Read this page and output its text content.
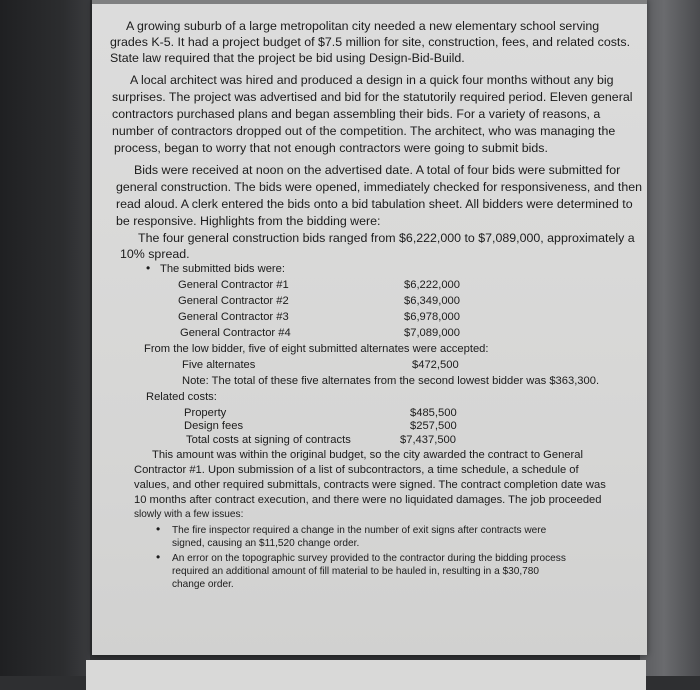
A growing suburb of a large metropolitan city needed a new elementary school serving
grades K-5. It had a project budget of $7.5 million for site, construction, fees, and related costs.
State law required that the project be bid using Design-Bid-Build.
A local architect was hired and produced a design in a quick four months without any big
surprises. The project was advertised and bid for the statutorily required period. Eleven general
contractors purchased plans and began assembling their bids. For a variety of reasons, a
number of contractors dropped out of the competition. The architect, who was managing the
process, began to worry that not enough contractors were going to submit bids.
Bids were received at noon on the advertised date. A total of four bids were submitted for
general construction. The bids were opened, immediately checked for responsiveness, and then
read aloud. A clerk entered the bids onto a bid tabulation sheet. All bidders were determined to
be responsive. Highlights from the bidding were:
The four general construction bids ranged from $6,222,000 to $7,089,000, approximately a
10% spread.
• The submitted bids were:
General Contractor #1	$6,222,000
General Contractor #2	$6,349,000
General Contractor #3	$6,978,000
General Contractor #4	$7,089,000
From the low bidder, five of eight submitted alternates were accepted:
Five alternates	$472,500
Note: The total of these five alternates from the second lowest bidder was $363,300.
Related costs:
Property	$485,500
Design fees	$257,500
Total costs at signing of contracts	$7,437,500
This amount was within the original budget, so the city awarded the contract to General
Contractor #1. Upon submission of a list of subcontractors, a time schedule, a schedule of
values, and other required submittals, contracts were signed. The contract completion date was
10 months after contract execution, and there were no liquidated damages. The job proceeded
slowly with a few issues:
• The fire inspector required a change in the number of exit signs after contracts were
signed, causing an $11,520 change order.
• An error on the topographic survey provided to the contractor during the bidding process
required an additional amount of fill material to be hauled in, resulting in a $30,780
change order.
